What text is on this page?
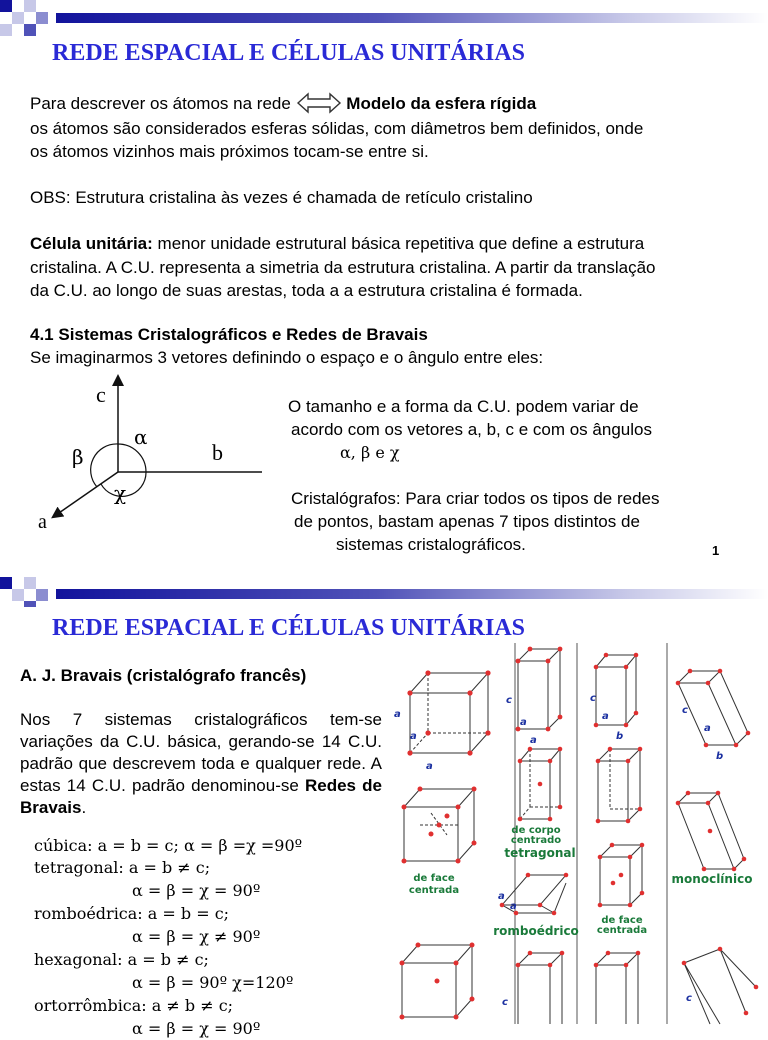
REDE ESPACIAL E CÉLULAS UNITÁRIAS
Para descrever os átomos na rede	Modelo da esfera rígida
os átomos são considerados esferas sólidas, com diâmetros bem definidos, onde
os átomos vizinhos mais próximos tocam-se entre si.
OBS: Estrutura cristalina às vezes é chamada de retículo cristalino
Célula unitária: menor unidade estrutural básica repetitiva que define a estrutura
cristalina. A C.U. representa a simetria da estrutura cristalina. A partir da translação
da C.U. ao longo de suas arestas, toda a a estrutura cristalina é formada.
4.1 Sistemas Cristalográficos e Redes de Bravais
Se imaginarmos 3 vetores definindo o espaço e o ângulo entre eles:
c
b
a
α
β
χ
O tamanho e a forma da C.U. podem variar de
acordo com os vetores a, b, c e com os ângulos
α, β e χ
Cristalógrafos: Para criar todos os tipos de redes
de pontos, bastam apenas 7 tipos distintos de
sistemas cristalográficos.	1
REDE ESPACIAL E CÉLULAS UNITÁRIAS
A. J. Bravais (cristalógrafo francês)
Nos 7 sistemas cristalográficos tem-se variações da C.U. básica, gerando-se 14 C.U. padrão que descrevem toda e qualquer rede. A estas 14 C.U. padrão denominou-se Redes de Bravais.
cúbica: a = b = c; α = β =χ =90º
tetragonal: a = b ≠ c;
α = β = χ = 90º
romboédrica: a = b = c;
α = β = χ ≠ 90º
hexagonal: a = b ≠ c;
α = β = 90º χ=120º
ortorrômbica: a ≠ b ≠ c;
α = β = χ = 90º
a
a
a
de face
centrada
c
a
a
de corpo
centrado
tetragonal
a
a
romboédrico
c
c
a
b
de face
centrada
c
a
b
monoclínico
c
